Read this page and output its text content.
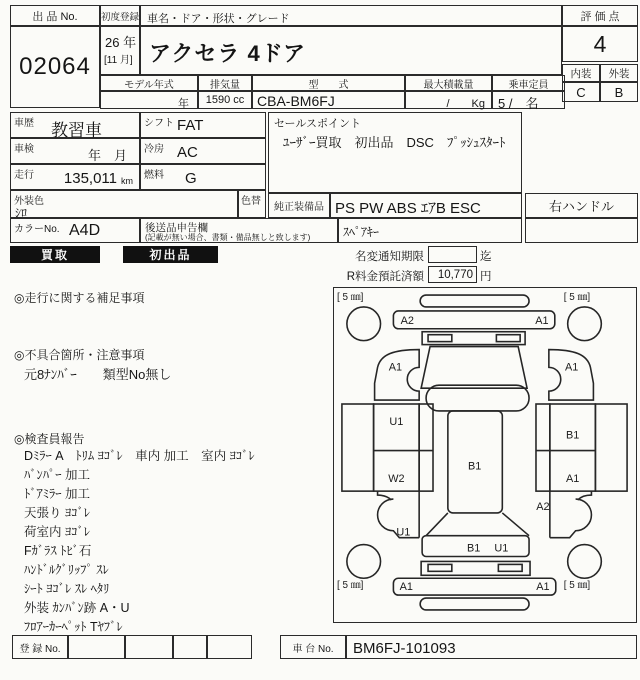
出 品 No.
02064
初度登録
26 年
[11 月]
車名・ドア・形状・グレード
アクセラ 4ドア
モデル年式	排気量	型　　式	最大積載量	乗車定員
年	1590 cc CBA-BM6FJ	/　　Kg 5 /　名
評 価 点
4
内装	外装
C	B
車歴 教習車	シフト FAT
車検	年　月 冷房 AC
走行 135,011 km 燃料 G
外装色
ｼﾛ
色替
カラーNo. A4D	後送品申告欄
(記載が無い場合、書類・備品無しと致します)
セールスポイント
ﾕｰｻﾞｰ買取　初出品　DSC　ﾌﾟｯｼｭｽﾀｰﾄ
純正装備品 PS PW ABS ｴｱB ESC	右ハンドル
ｽﾍﾟｱｷｰ
買取	初出品	名変通知期限	迄
R料金預託済額 10,770 円
◎走行に関する補足事項
◎不具合箇所・注意事項
元8ﾅﾝﾊﾞｰ　　類型No無し
◎検査員報告
Dﾐﾗｰ A　ﾄﾘﾑ ﾖｺﾞﾚ　車内 加工　室内 ﾖｺﾞﾚ
ﾊﾞﾝﾊﾟｰ 加工
ﾄﾞｱﾐﾗｰ 加工
天張り ﾖｺﾞﾚ
荷室内 ﾖｺﾞﾚ
Fｶﾞﾗｽ ﾄﾋﾞ石
ﾊﾝﾄﾞﾙｸﾞﾘｯﾌﾟ ｽﾚ
ｼｰﾄ ﾖｺﾞﾚ ｽﾚ ﾍﾀﾘ
外装 ｶﾝﾊﾞﾝ跡 A・U
ﾌﾛｱｰｶｰﾍﾟｯﾄ Tﾔﾌﾞﾚ
[ 5 ㎜]	[ 5 ㎜]
[ 5 ㎜]	[ 5 ㎜]
A2	A1
A1	A1
U1
B1
B1
W2	A1
A2
U1
B1 U1
A1	A1
登 録 No.	車 台 No.	BM6FJ-101093
